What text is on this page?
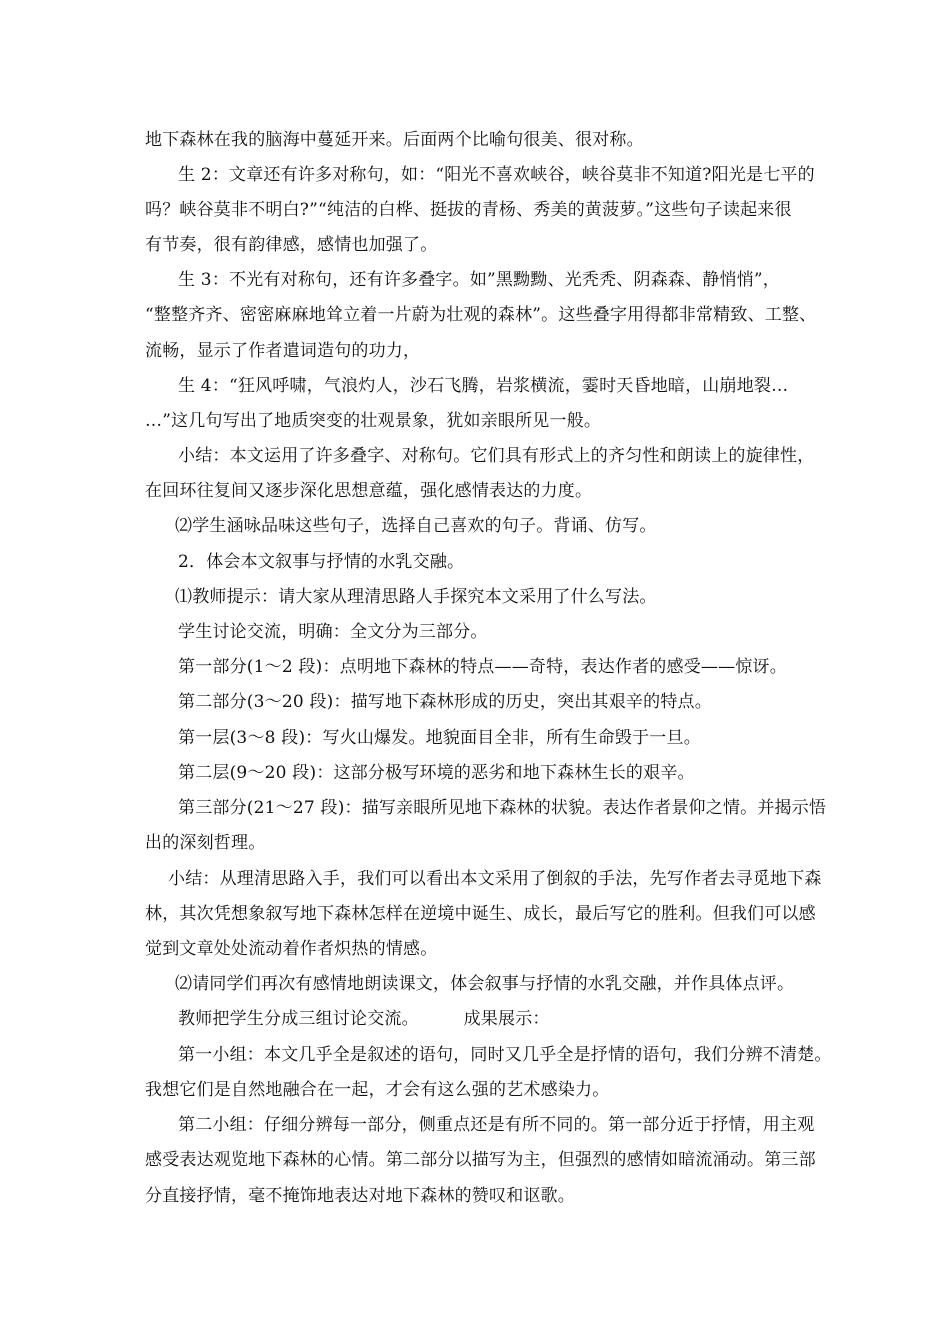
地下森林在我的脑海中蔓延开来。后面两个比喻句很美、很对称。
生 2：文章还有许多对称句，如：“阳光不喜欢峡谷，峡谷莫非不知道?阳光是七平的
吗？峡谷莫非不明白?”“纯洁的白桦、挺拔的青杨、秀美的黄菠萝。”这些句子读起来很
有节奏，很有韵律感，感情也加强了。
生 3：不光有对称句，还有许多叠字。如”黑黝黝、光秃秃、阴森森、静悄悄”，
“整整齐齐、密密麻麻地耸立着一片蔚为壮观的森林”。这些叠字用得都非常精致、工整、
流畅，显示了作者遣词造句的功力，
生 4：“狂风呼啸，气浪灼人，沙石飞腾，岩浆横流，霎时天昏地暗，山崩地裂…
…”这几句写出了地质突变的壮观景象，犹如亲眼所见一般。
小结：本文运用了许多叠字、对称句。它们具有形式上的齐匀性和朗读上的旋律性，
在回环往复间又逐步深化思想意蕴，强化感情表达的力度。
⑵学生涵咏品味这些句子，选择自己喜欢的句子。背诵、仿写。
2．体会本文叙事与抒情的水乳交融。
⑴教师提示：请大家从理清思路人手探究本文采用了什么写法。
学生讨论交流，明确：全文分为三部分。
第一部分(1～2 段)：点明地下森林的特点——奇特，表达作者的感受——惊讶。
第二部分(3～20 段)：描写地下森林形成的历史，突出其艰辛的特点。
第一层(3～8 段)：写火山爆发。地貌面目全非，所有生命毁于一旦。
第二层(9～20 段)：这部分极写环境的恶劣和地下森林生长的艰辛。
第三部分(21～27 段)：描写亲眼所见地下森林的状貌。表达作者景仰之情。并揭示悟
出的深刻哲理。
小结：从理清思路入手，我们可以看出本文采用了倒叙的手法，先写作者去寻觅地下森
林，其次凭想象叙写地下森林怎样在逆境中诞生、成长，最后写它的胜利。但我们可以感
觉到文章处处流动着作者炽热的情感。
⑵请同学们再次有感情地朗读课文，体会叙事与抒情的水乳交融，并作具体点评。
教师把学生分成三组讨论交流。        成果展示：
第一小组：本文几乎全是叙述的语句，同时又几乎全是抒情的语句，我们分辨不清楚。
我想它们是自然地融合在一起，才会有这么强的艺术感染力。
第二小组：仔细分辨每一部分，侧重点还是有所不同的。第一部分近于抒情，用主观
感受表达观览地下森林的心情。第二部分以描写为主，但强烈的感情如暗流涌动。第三部
分直接抒情，毫不掩饰地表达对地下森林的赞叹和讴歌。
